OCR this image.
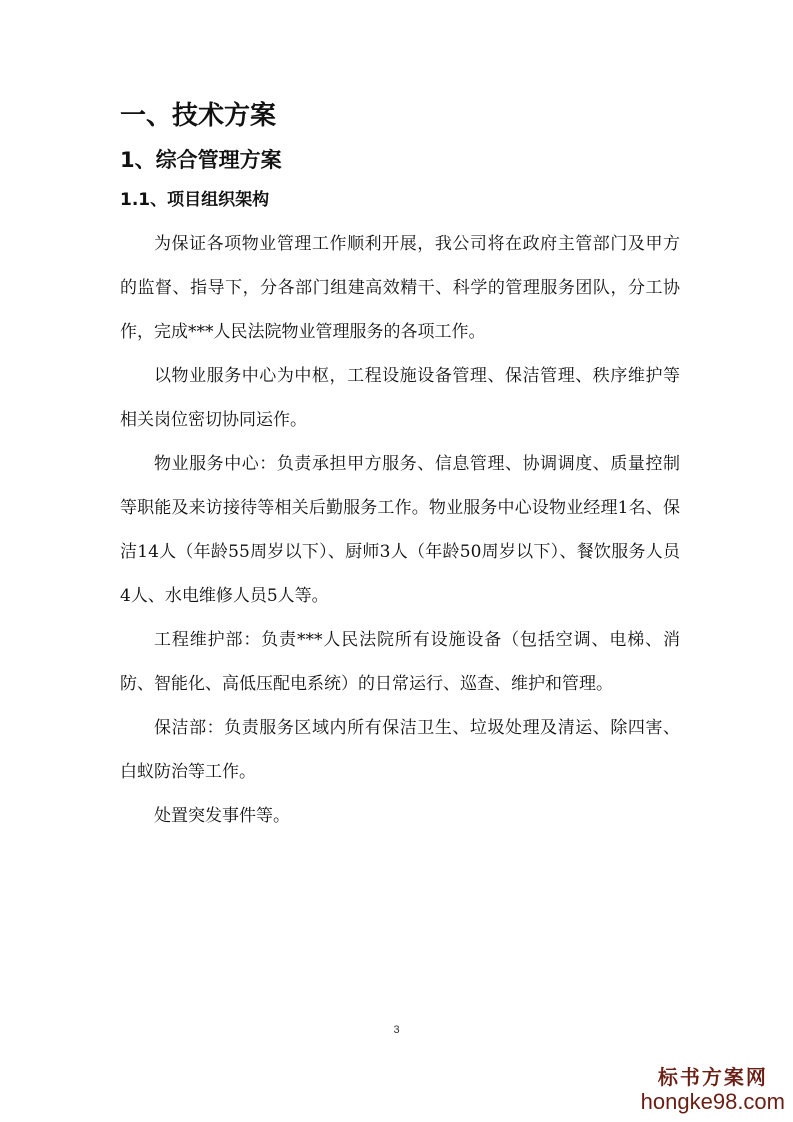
一、技术方案
1、综合管理方案
1.1、项目组织架构

为保证各项物业管理工作顺利开展，我公司将在政府主管部门及甲方的监督、指导下，分各部门组建高效精干、科学的管理服务团队，分工协作，完成***人民法院物业管理服务的各项工作。

以物业服务中心为中枢，工程设施设备管理、保洁管理、秩序维护等相关岗位密切协同运作。

物业服务中心：负责承担甲方服务、信息管理、协调调度、质量控制等职能及来访接待等相关后勤服务工作。物业服务中心设物业经理1名、保洁14人（年龄55周岁以下）、厨师3人（年龄50周岁以下）、餐饮服务人员4人、水电维修人员5人等。

工程维护部：负责***人民法院所有设施设备（包括空调、电梯、消防、智能化、高低压配电系统）的日常运行、巡查、维护和管理。

保洁部：负责服务区域内所有保洁卫生、垃圾处理及清运、除四害、白蚁防治等工作。

处置突发事件等。

3
标书方案网
hongke98.com
